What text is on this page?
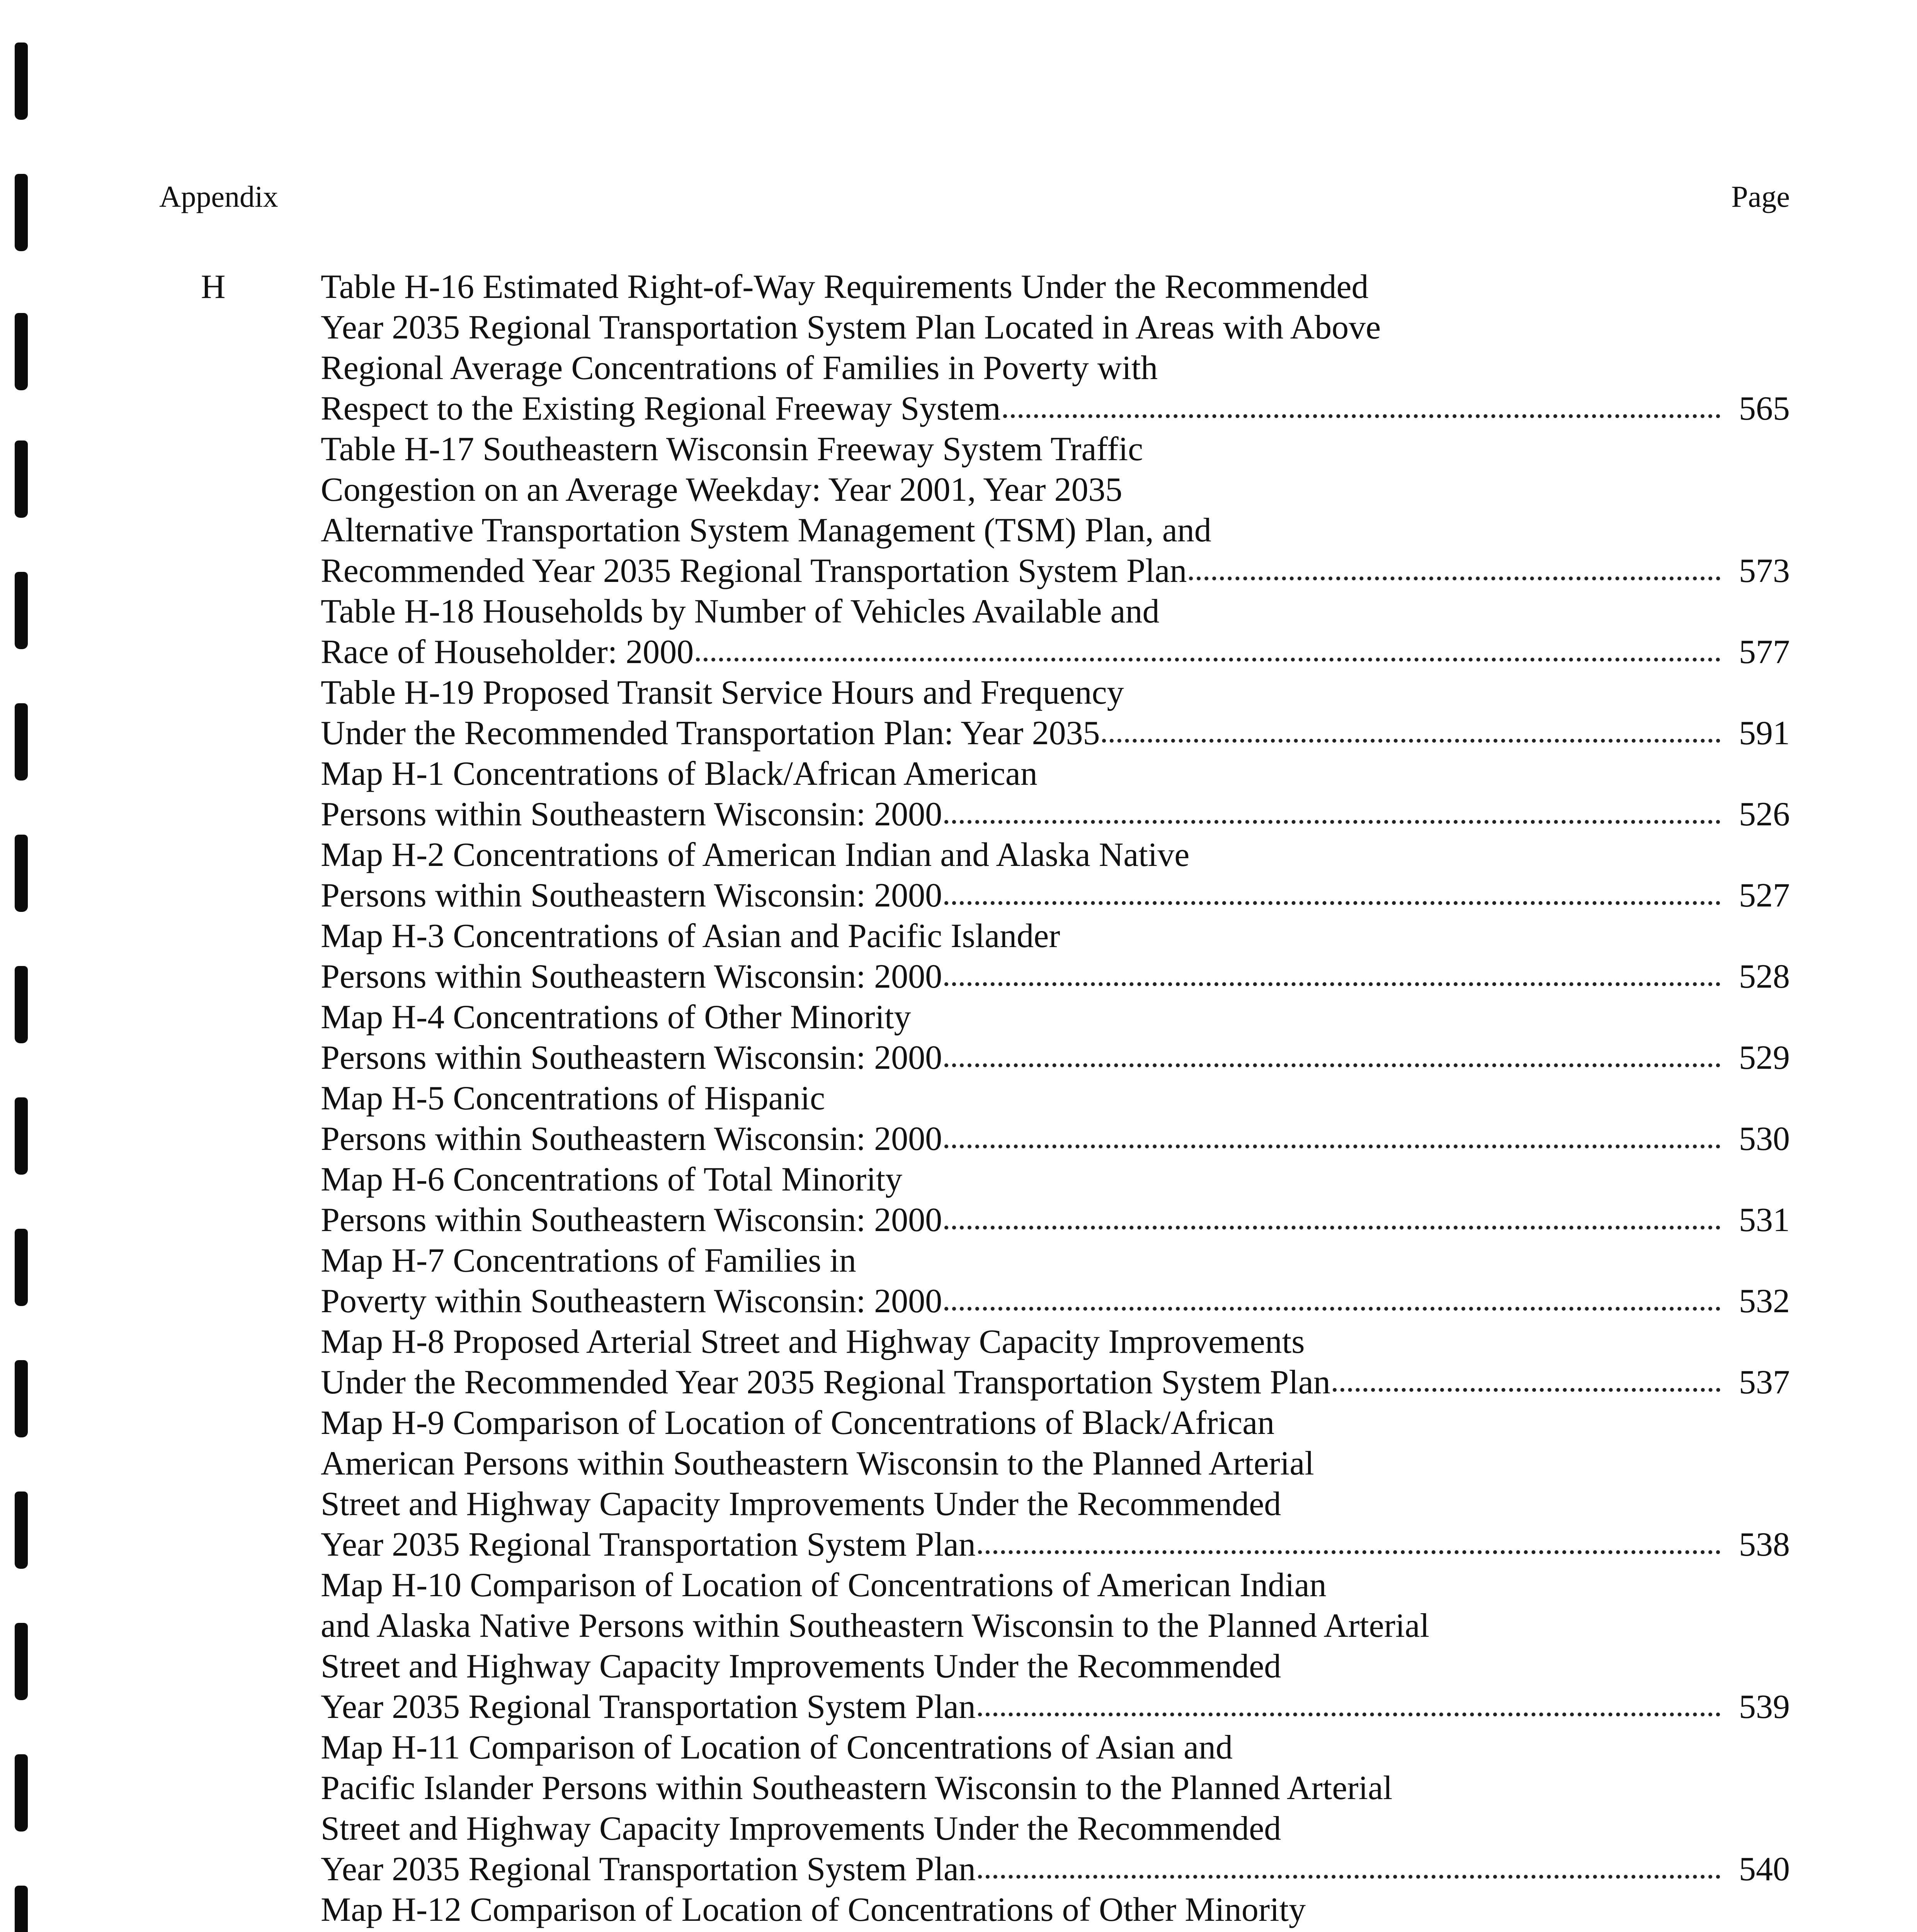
Appendix	Page
H	Table H-16 Estimated Right-of-Way Requirements Under the Recommended
Year 2035 Regional Transportation System Plan Located in Areas with Above
Regional Average Concentrations of Families in Poverty with
Respect to the Existing Regional Freeway System	565
Table H-17 Southeastern Wisconsin Freeway System Traffic
Congestion on an Average Weekday: Year 2001, Year 2035
Alternative Transportation System Management (TSM) Plan, and
Recommended Year 2035 Regional Transportation System Plan	573
Table H-18 Households by Number of Vehicles Available and
Race of Householder: 2000	577
Table H-19 Proposed Transit Service Hours and Frequency
Under the Recommended Transportation Plan: Year 2035	591
Map H-1 Concentrations of Black/African American
Persons within Southeastern Wisconsin: 2000	526
Map H-2 Concentrations of American Indian and Alaska Native
Persons within Southeastern Wisconsin: 2000	527
Map H-3 Concentrations of Asian and Pacific Islander
Persons within Southeastern Wisconsin: 2000	528
Map H-4 Concentrations of Other Minority
Persons within Southeastern Wisconsin: 2000	529
Map H-5 Concentrations of Hispanic
Persons within Southeastern Wisconsin: 2000	530
Map H-6 Concentrations of Total Minority
Persons within Southeastern Wisconsin: 2000	531
Map H-7 Concentrations of Families in
Poverty within Southeastern Wisconsin: 2000	532
Map H-8 Proposed Arterial Street and Highway Capacity Improvements
Under the Recommended Year 2035 Regional Transportation System Plan	537
Map H-9 Comparison of Location of Concentrations of Black/African
American Persons within Southeastern Wisconsin to the Planned Arterial
Street and Highway Capacity Improvements Under the Recommended
Year 2035 Regional Transportation System Plan	538
Map H-10 Comparison of Location of Concentrations of American Indian
and Alaska Native Persons within Southeastern Wisconsin to the Planned Arterial
Street and Highway Capacity Improvements Under the Recommended
Year 2035 Regional Transportation System Plan	539
Map H-11 Comparison of Location of Concentrations of Asian and
Pacific Islander Persons within Southeastern Wisconsin to the Planned Arterial
Street and Highway Capacity Improvements Under the Recommended
Year 2035 Regional Transportation System Plan	540
Map H-12 Comparison of Location of Concentrations of Other Minority
